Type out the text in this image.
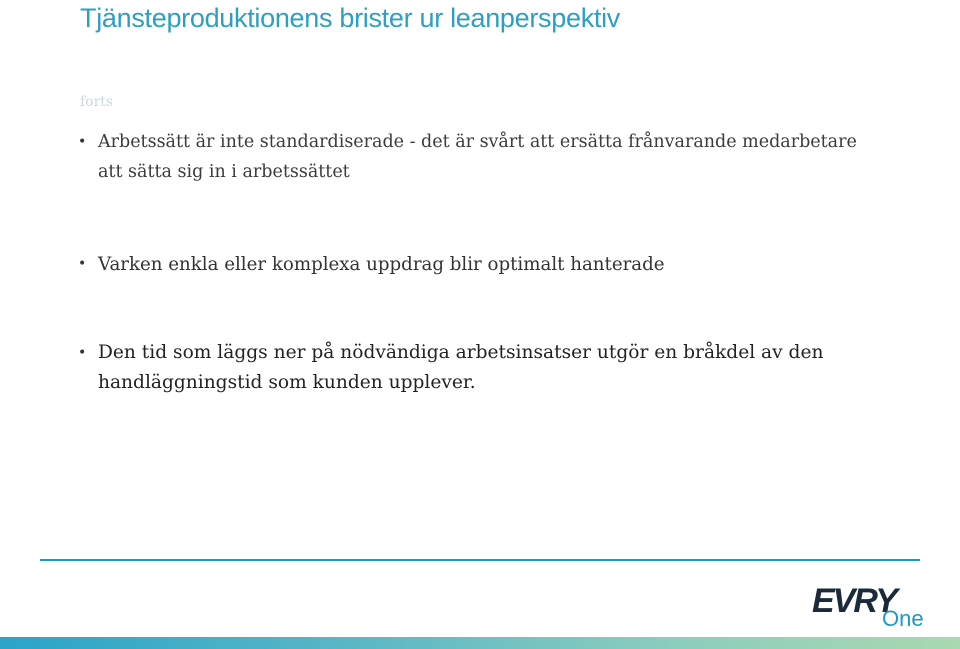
Tjänsteproduktionens brister ur leanperspektiv
forts
• Arbetssätt är inte standardiserade - det är svårt att ersätta frånvarande medarbetare att sätta sig in i arbetssättet
• Varken enkla eller komplexa uppdrag blir optimalt hanterade
• Den tid som läggs ner på nödvändiga arbetsinsatser utgör en bråkdel av den handläggningstid som kunden upplever.
EVRY
One
